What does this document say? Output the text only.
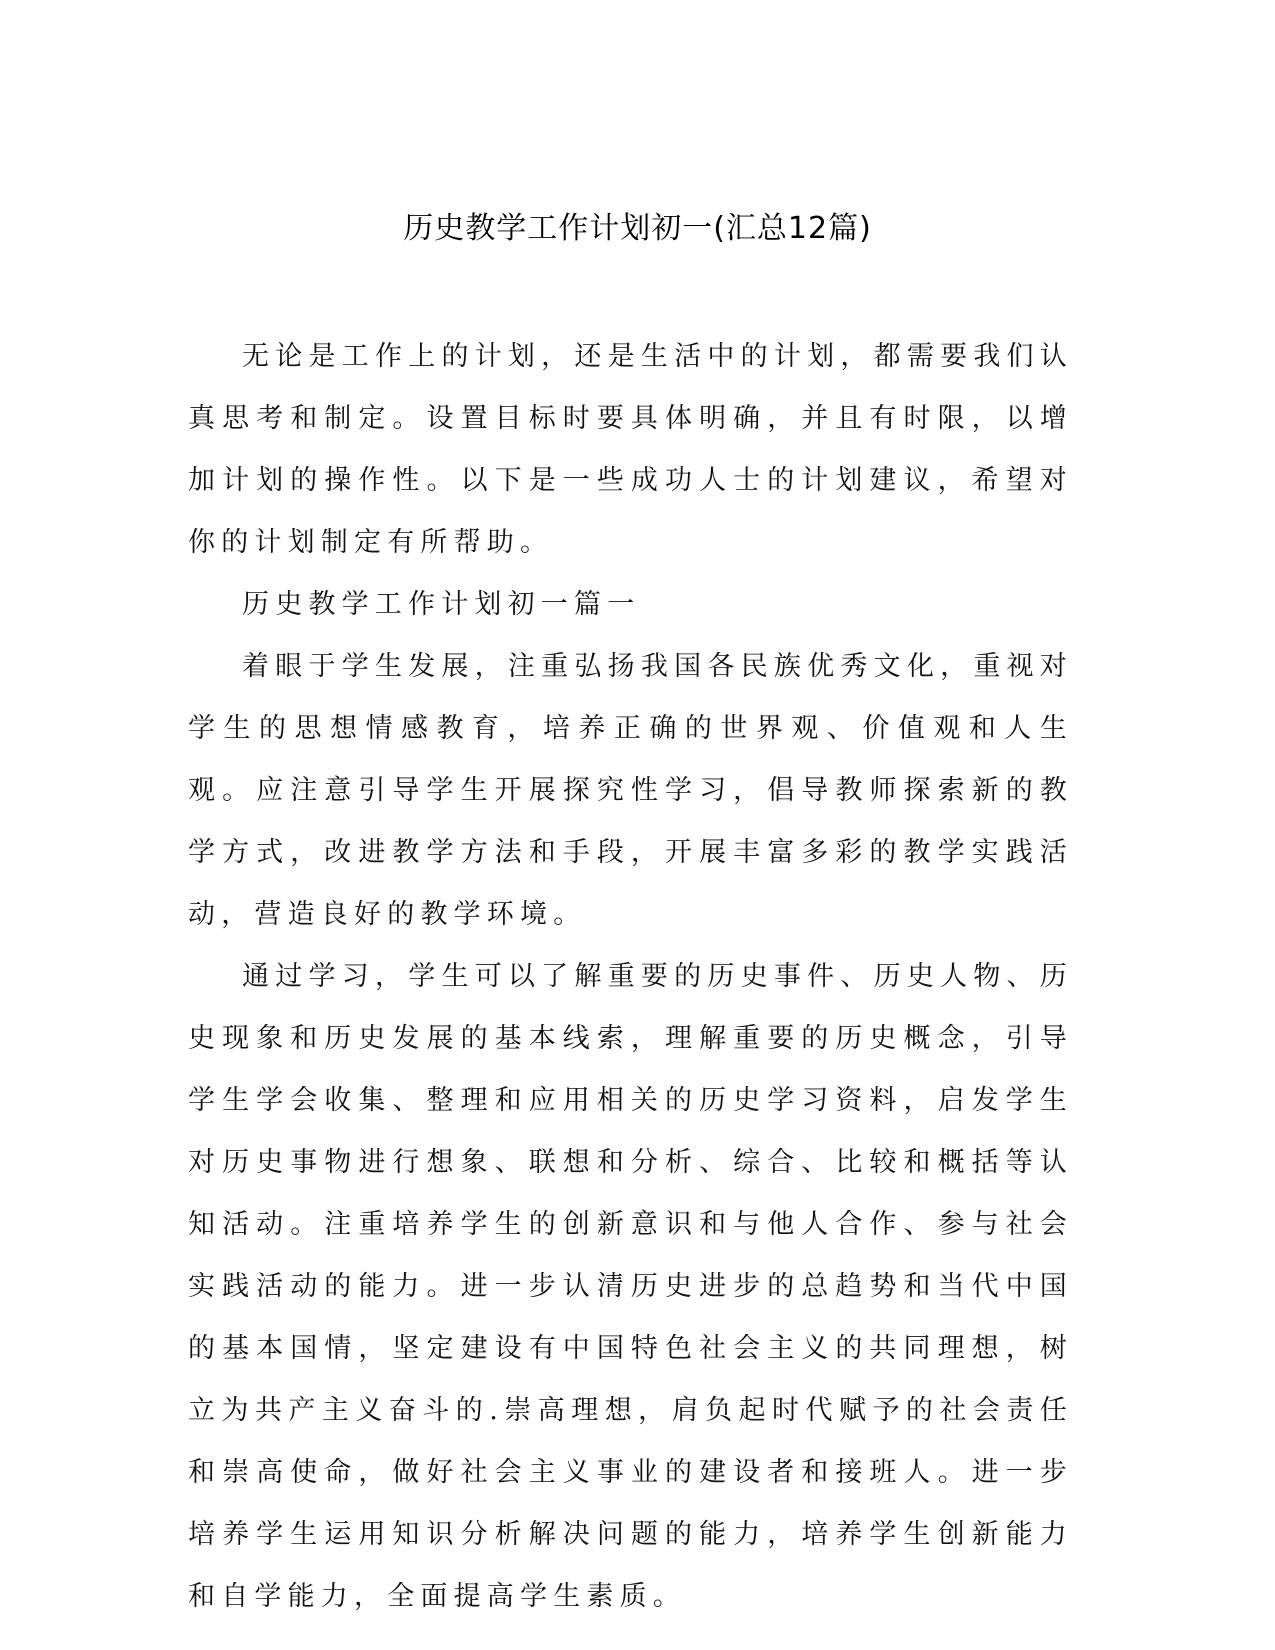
历史教学工作计划初一(汇总12篇)

无论是工作上的计划，还是生活中的计划，都需要我们认真思考和制定。设置目标时要具体明确，并且有时限，以增加计划的操作性。以下是一些成功人士的计划建议，希望对你的计划制定有所帮助。

历史教学工作计划初一篇一

着眼于学生发展，注重弘扬我国各民族优秀文化，重视对学生的思想情感教育，培养正确的世界观、价值观和人生观。应注意引导学生开展探究性学习，倡导教师探索新的教学方式，改进教学方法和手段，开展丰富多彩的教学实践活动，营造良好的教学环境。

通过学习，学生可以了解重要的历史事件、历史人物、历史现象和历史发展的基本线索，理解重要的历史概念，引导学生学会收集、整理和应用相关的历史学习资料，启发学生对历史事物进行想象、联想和分析、综合、比较和概括等认知活动。注重培养学生的创新意识和与他人合作、参与社会实践活动的能力。进一步认清历史进步的总趋势和当代中国的基本国情，坚定建设有中国特色社会主义的共同理想，树立为共产主义奋斗的.崇高理想，肩负起时代赋予的社会责任和崇高使命，做好社会主义事业的建设者和接班人。进一步培养学生运用知识分析解决问题的能力，培养学生创新能力和自学能力，全面提高学生素质。
